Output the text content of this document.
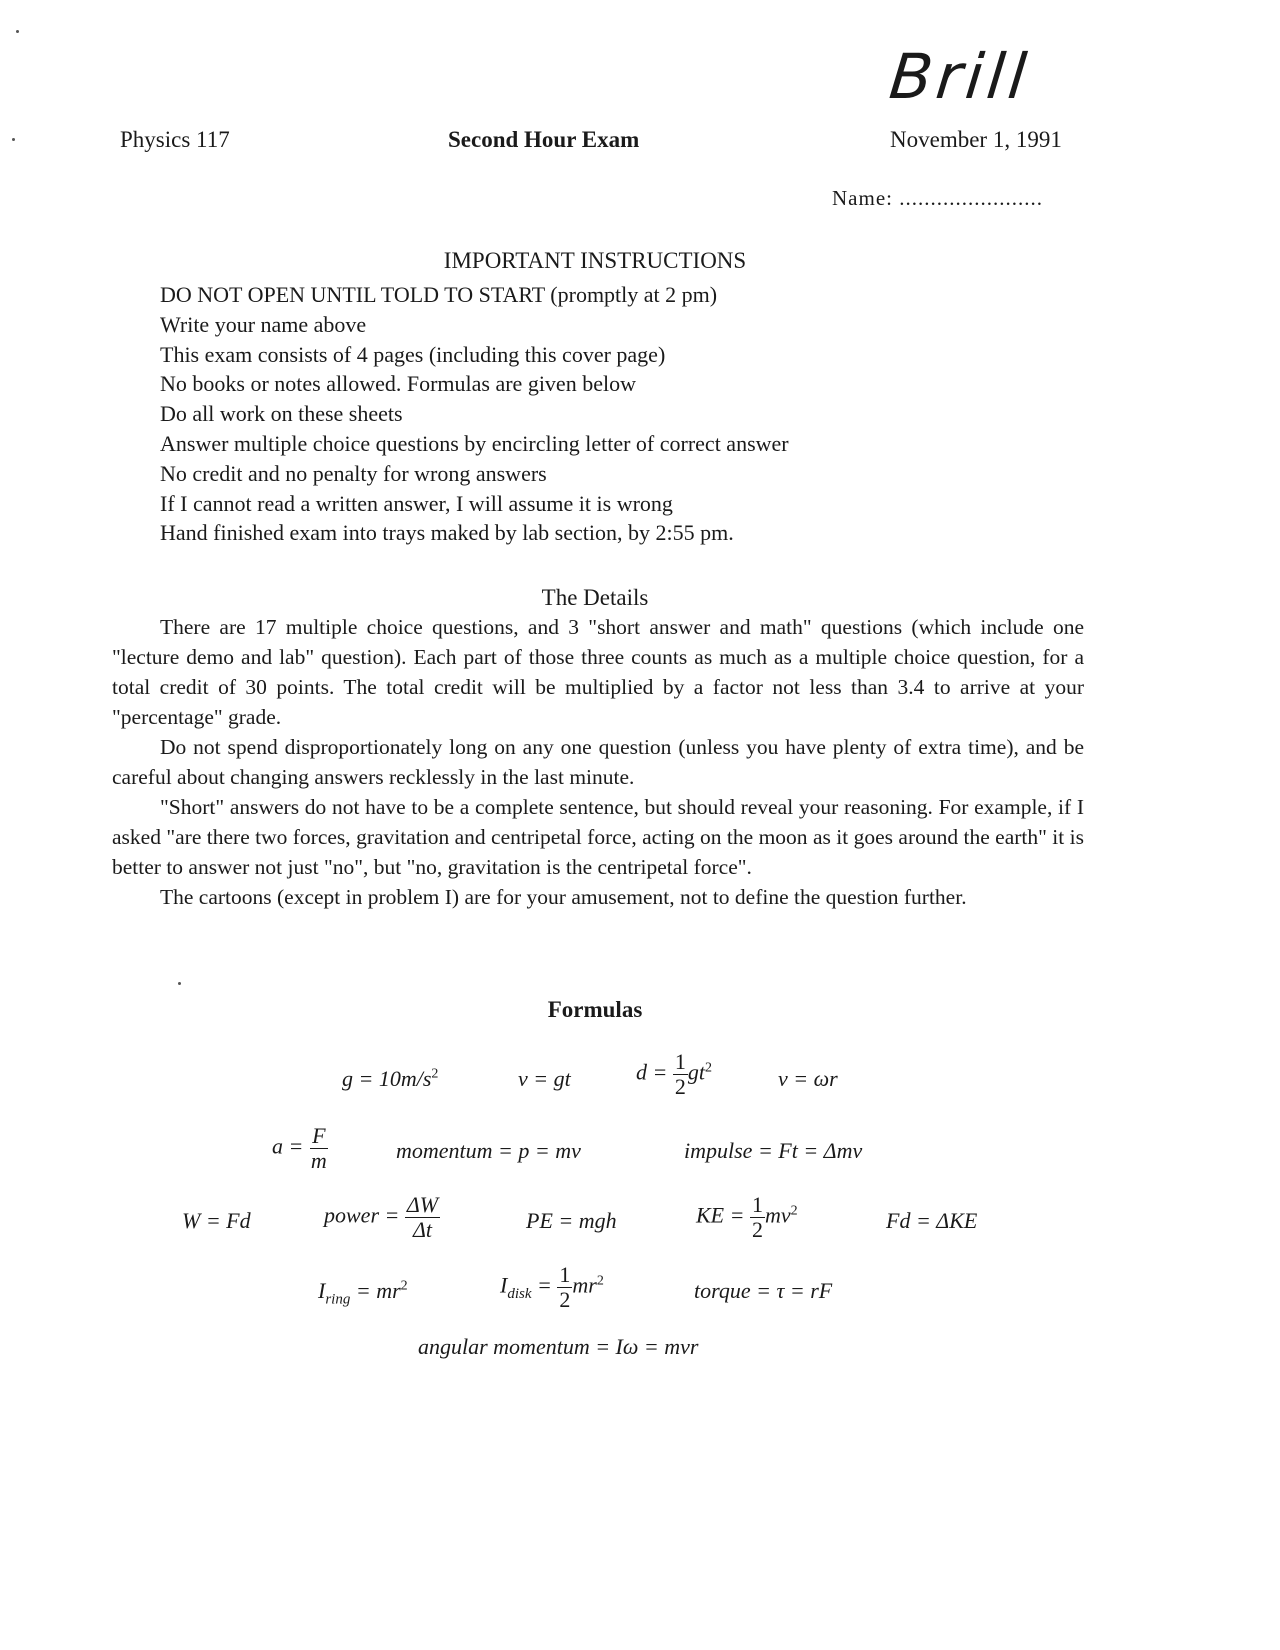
Brill
Physics 117	Second Hour Exam	November 1, 1991
Name: .......................
IMPORTANT INSTRUCTIONS
DO NOT OPEN UNTIL TOLD TO START (promptly at 2 pm)
Write your name above
This exam consists of 4 pages (including this cover page)
No books or notes allowed. Formulas are given below
Do all work on these sheets
Answer multiple choice questions by encircling letter of correct answer
No credit and no penalty for wrong answers
If I cannot read a written answer, I will assume it is wrong
Hand finished exam into trays maked by lab section, by 2:55 pm.
The Details

There are 17 multiple choice questions, and 3 "short answer and math" questions (which include one "lecture demo and lab" question). Each part of those three counts as much as a multiple choice question, for a total credit of 30 points. The total credit will be multiplied by a factor not less than 3.4 to arrive at your "percentage" grade.

Do not spend disproportionately long on any one question (unless you have plenty of extra time), and be careful about changing answers recklessly in the last minute.

"Short" answers do not have to be a complete sentence, but should reveal your reasoning. For example, if I asked "are there two forces, gravitation and centripetal force, acting on the moon as it goes around the earth" it is better to answer not just "no", but "no, gravitation is the centripetal force".

The cartoons (except in problem I) are for your amusement, not to define the question further.

Formulas
$g = 10m/s^2$	v = gt	$d = \frac{1}{2} gt^2$	v = ωr
$a = \frac{F}{m}$	momentum = p = mv	impulse = Ft = Δmv
W = Fd	power = $\frac{\Delta W}{\Delta t}$	PE = mgh	KE = $\frac{1}{2} mv^2$	Fd = ΔKE
$I_{ring} = mr^2$	$I_{disk} = \frac{1}{2} mr^2$	torque = τ = rF
angular momentum = Iω = mvr
